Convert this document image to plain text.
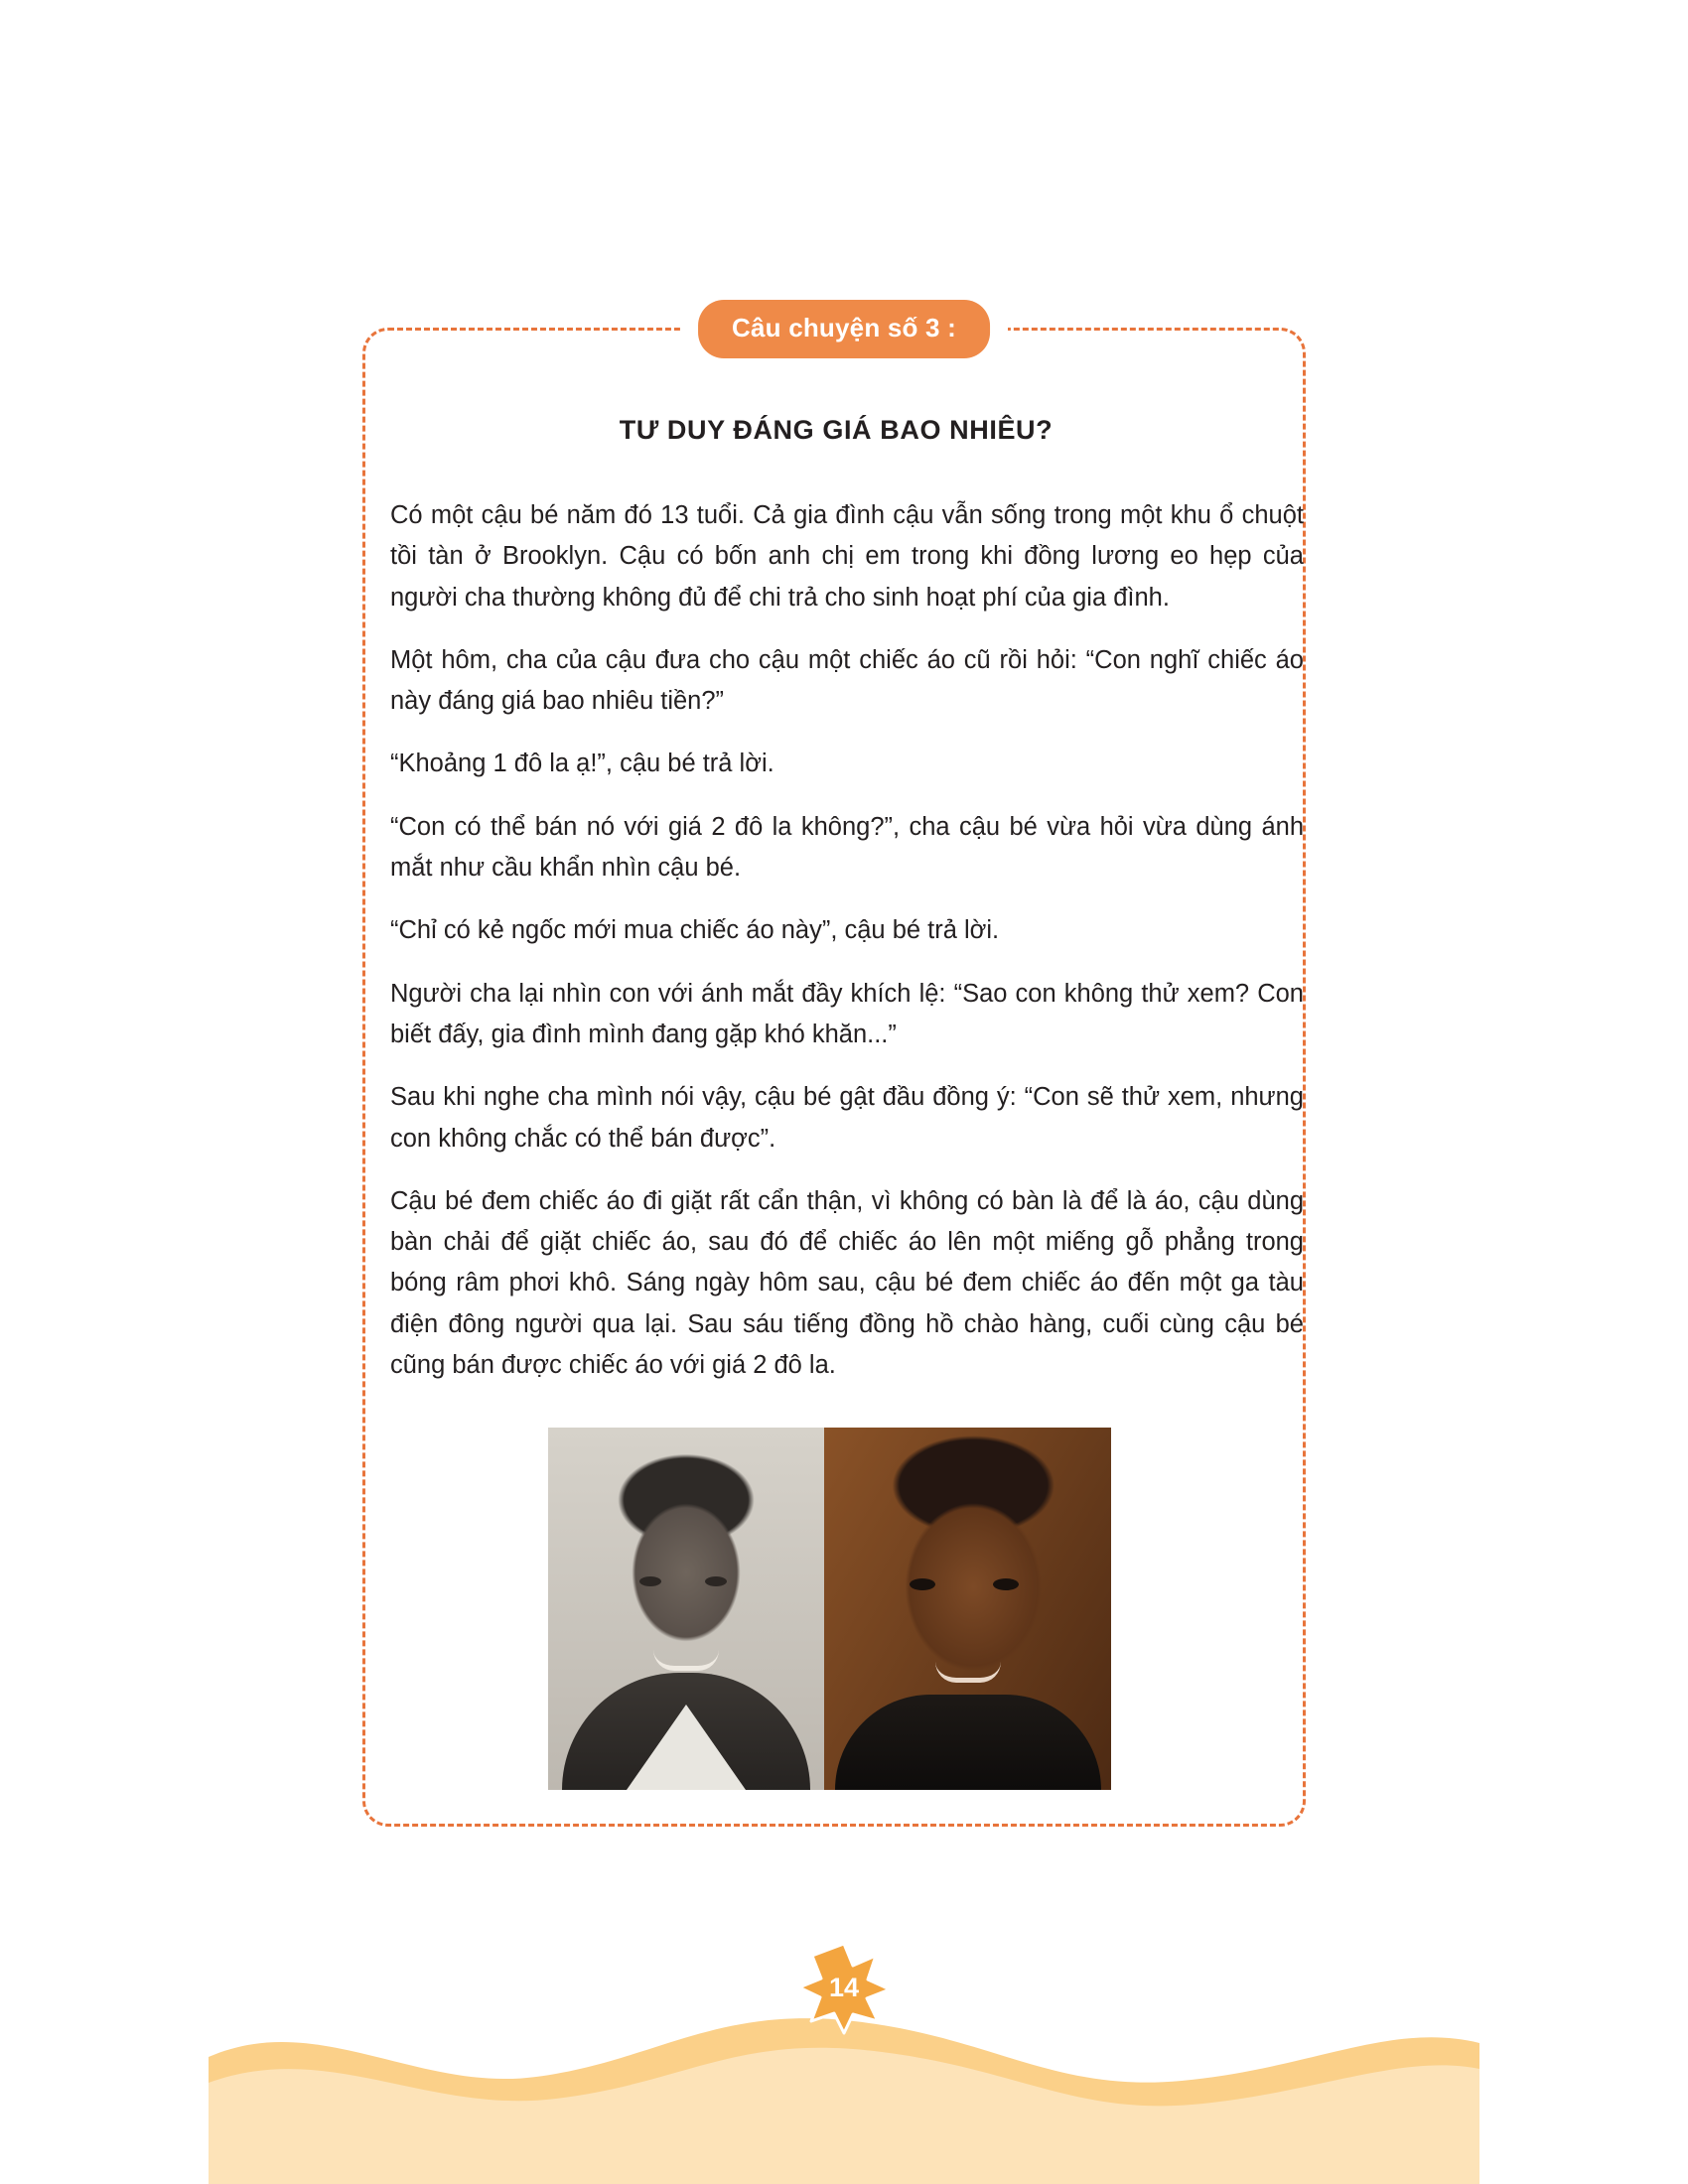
Câu chuyện số 3 :
TƯ DUY ĐÁNG GIÁ BAO NHIÊU?

Có một cậu bé năm đó 13 tuổi. Cả gia đình cậu vẫn sống trong một khu ổ chuột tồi tàn ở Brooklyn. Cậu có bốn anh chị em trong khi đồng lương eo hẹp của người cha thường không đủ để chi trả cho sinh hoạt phí của gia đình.

Một hôm, cha của cậu đưa cho cậu một chiếc áo cũ rồi hỏi: “Con nghĩ chiếc áo này đáng giá bao nhiêu tiền?”

“Khoảng 1 đô la ạ!”, cậu bé trả lời.

“Con có thể bán nó với giá 2 đô la không?”, cha cậu bé vừa hỏi vừa dùng ánh mắt như cầu khẩn nhìn cậu bé.

“Chỉ có kẻ ngốc mới mua chiếc áo này”, cậu bé trả lời.

Người cha lại nhìn con với ánh mắt đầy khích lệ: “Sao con không thử xem? Con biết đấy, gia đình mình đang gặp khó khăn...”

Sau khi nghe cha mình nói vậy, cậu bé gật đầu đồng ý: “Con sẽ thử xem, nhưng con không chắc có thể bán được”.

Cậu bé đem chiếc áo đi giặt rất cẩn thận, vì không có bàn là để là áo, cậu dùng bàn chải để giặt chiếc áo, sau đó để chiếc áo lên một miếng gỗ phẳng trong bóng râm phơi khô. Sáng ngày hôm sau, cậu bé đem chiếc áo đến một ga tàu điện đông người qua lại. Sau sáu tiếng đồng hồ chào hàng, cuối cùng cậu bé cũng bán được chiếc áo với giá 2 đô la.

14
